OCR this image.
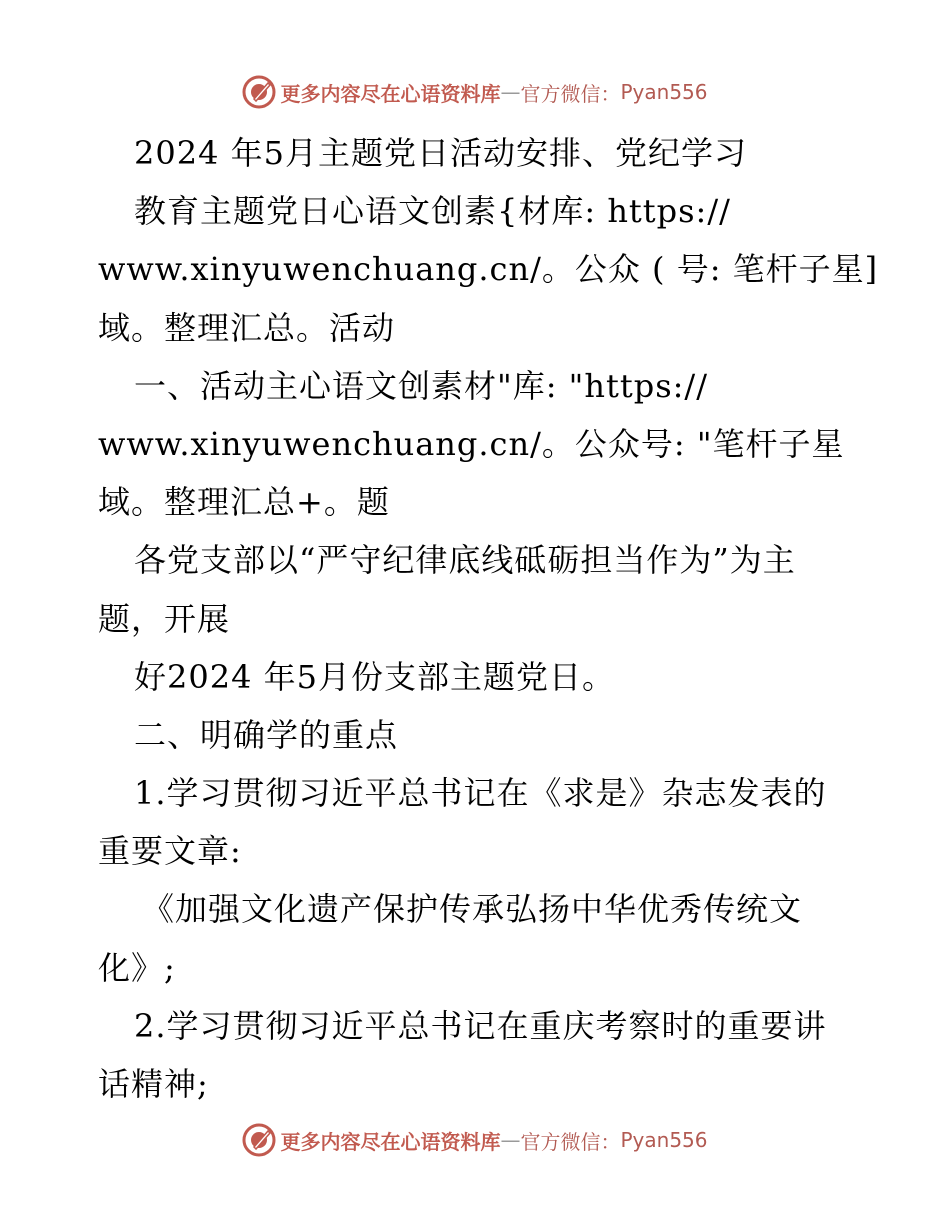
更多内容尽在心语资料库 — 官方微信： Pyan556
2024 年5月主题党日活动安排、党纪学习
教育主题党日心语文创素{材库: https://
www.xinyuwenchuang.cn/。公众 ( 号: 笔杆子星]
域。整理汇总。活动
一、活动主心语文创素材"库: "https://
www.xinyuwenchuang.cn/。公众号: "笔杆子星
域。整理汇总+。题
各党支部以“严守纪律底线砥砺担当作为”为主
题，开展
好2024 年5月份支部主题党日。
二、明确学的重点
1.学习贯彻习近平总书记在《求是》杂志发表的
重要文章:
《加强文化遗产保护传承弘扬中华优秀传统文
化》;
2.学习贯彻习近平总书记在重庆考察时的重要讲
话精神;
更多内容尽在心语资料库 — 官方微信： Pyan556
